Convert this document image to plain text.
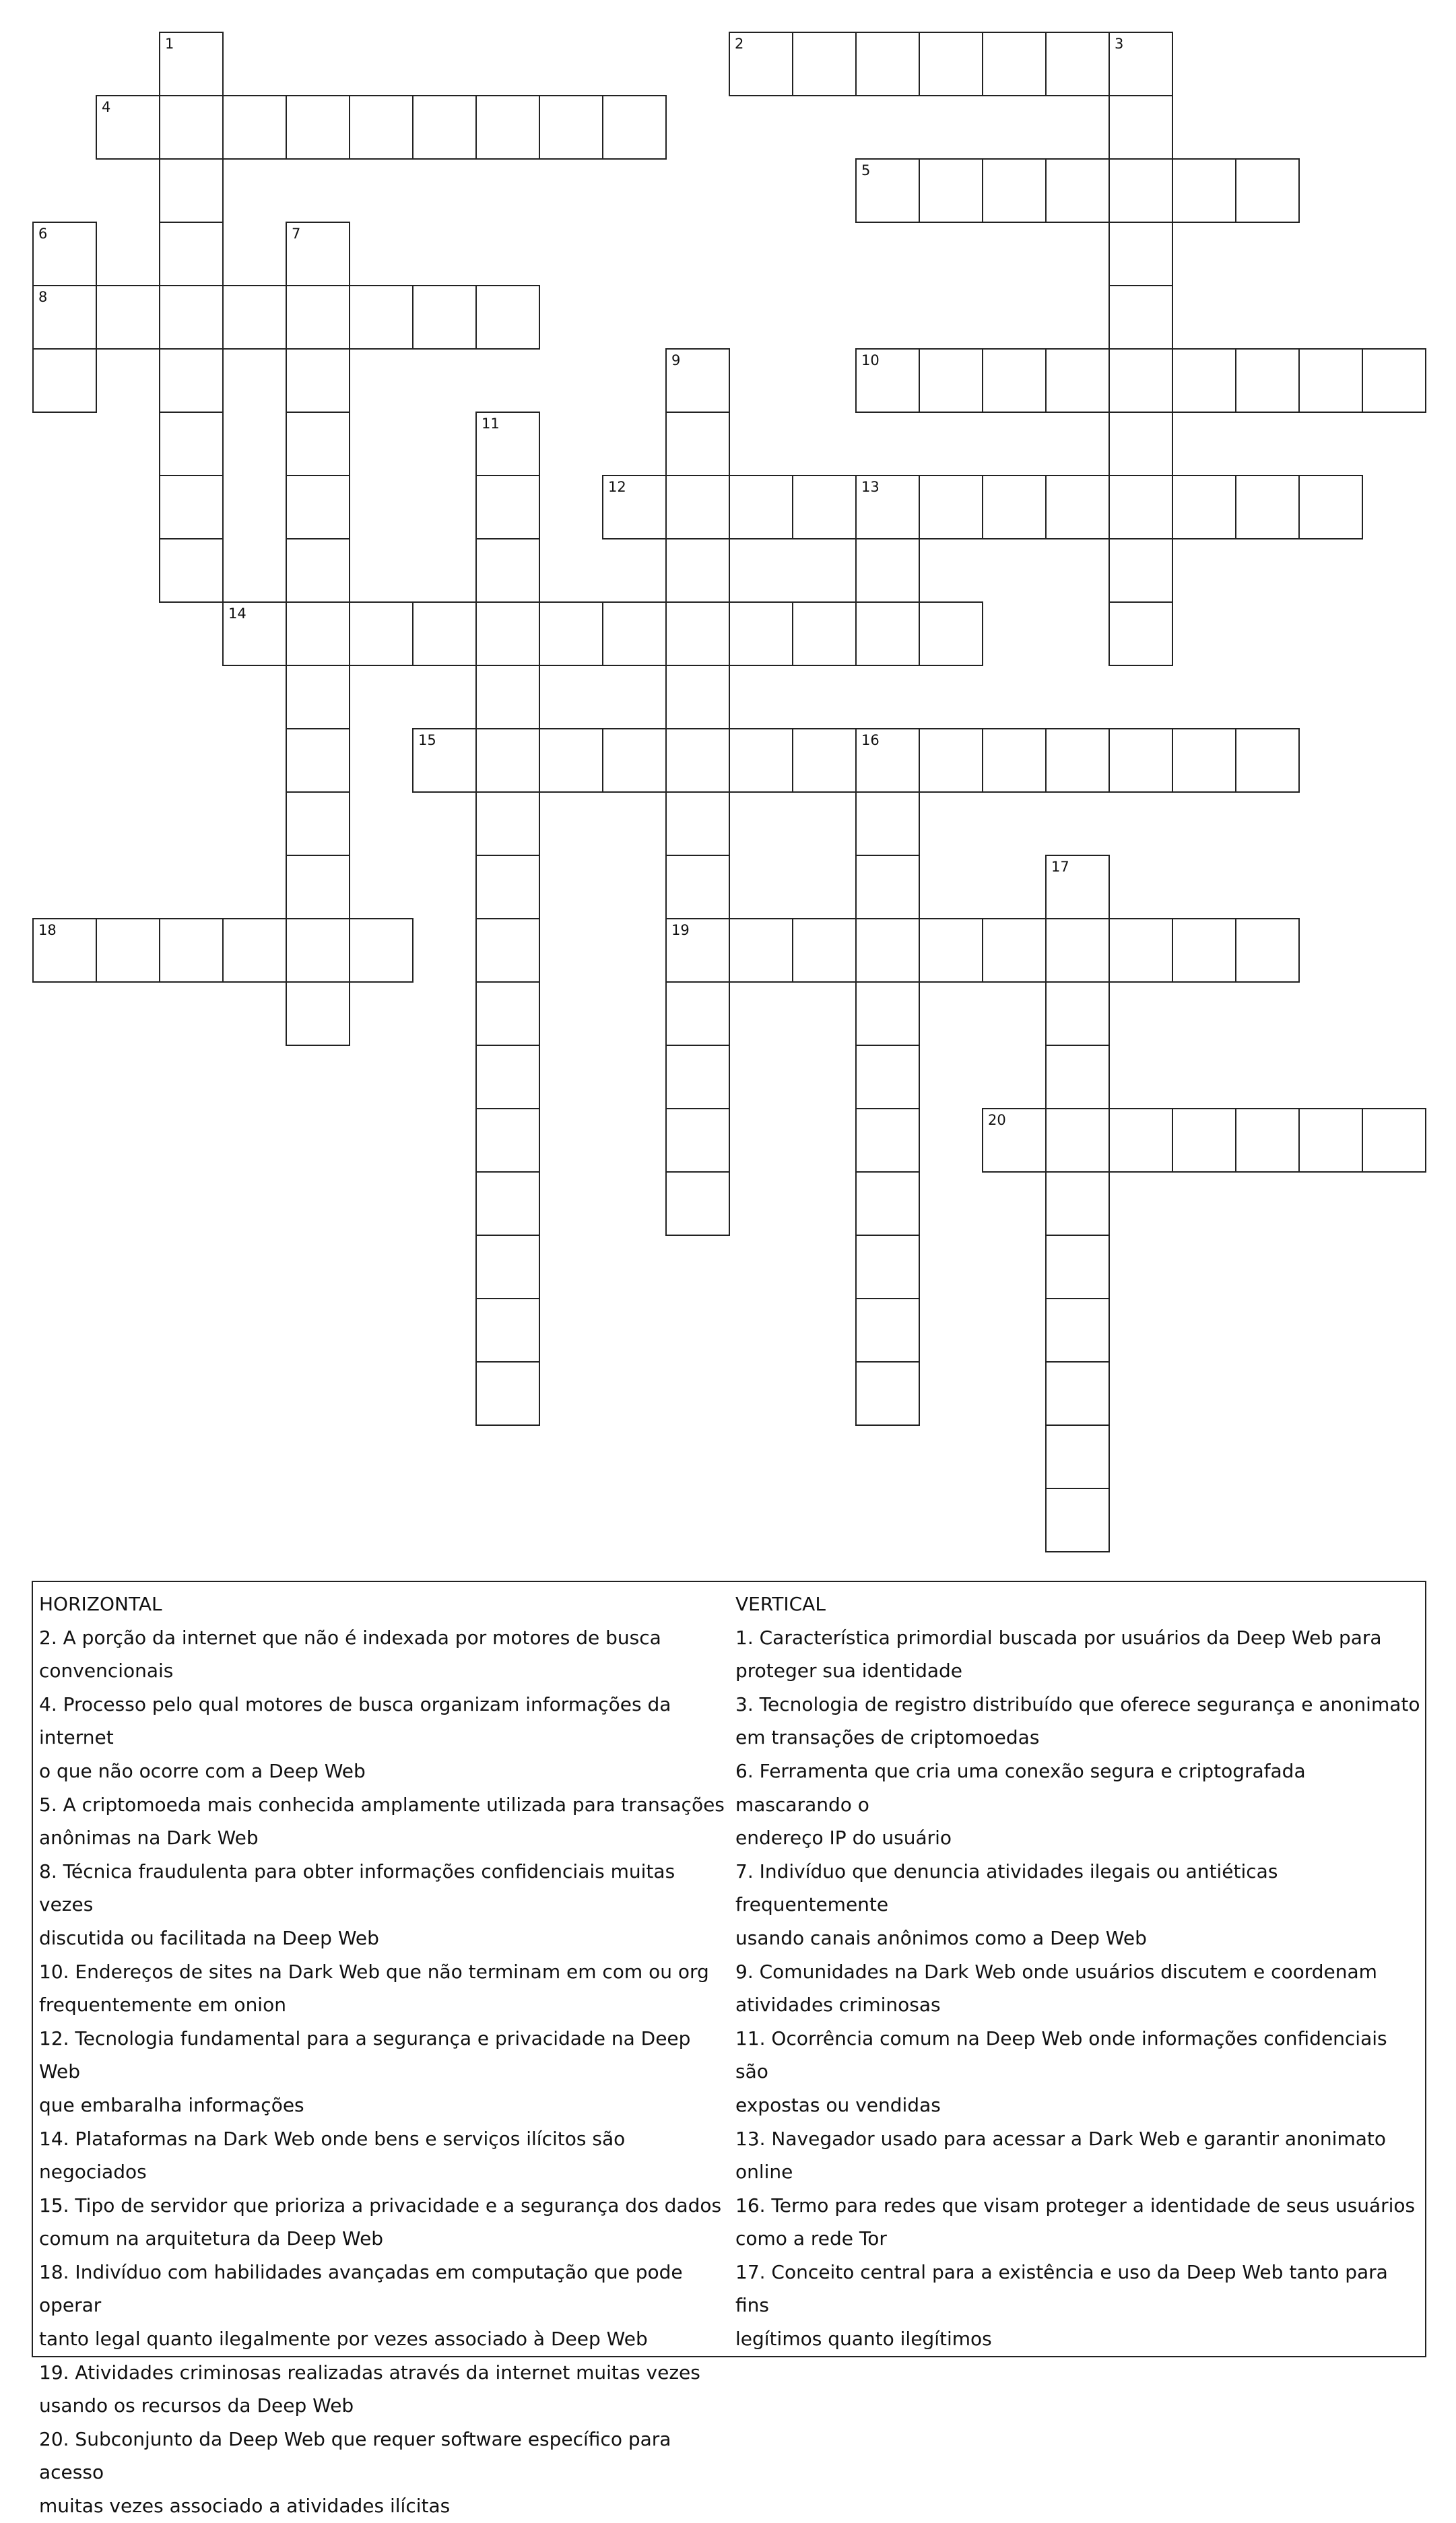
1	2	3
4
5
6
8
7
9
19
10
11
12	13
14
15	16
17
18
20
HORIZONTAL
2. A porção da internet que não é indexada por motores de busca
convencionais
4. Processo pelo qual motores de busca organizam informações da internet
o que não ocorre com a Deep Web
5. A criptomoeda mais conhecida amplamente utilizada para transações
anônimas na Dark Web
8. Técnica fraudulenta para obter informações confidenciais muitas vezes
discutida ou facilitada na Deep Web
10. Endereços de sites na Dark Web que não terminam em com ou org
frequentemente em onion
12. Tecnologia fundamental para a segurança e privacidade na Deep Web
que embaralha informações
14. Plataformas na Dark Web onde bens e serviços ilícitos são negociados
15. Tipo de servidor que prioriza a privacidade e a segurança dos dados
comum na arquitetura da Deep Web
18. Indivíduo com habilidades avançadas em computação que pode operar
tanto legal quanto ilegalmente por vezes associado à Deep Web
19. Atividades criminosas realizadas através da internet muitas vezes
usando os recursos da Deep Web
20. Subconjunto da Deep Web que requer software específico para acesso
muitas vezes associado a atividades ilícitas
VERTICAL
1. Característica primordial buscada por usuários da Deep Web para
proteger sua identidade
3. Tecnologia de registro distribuído que oferece segurança e anonimato
em transações de criptomoedas
6. Ferramenta que cria uma conexão segura e criptografada mascarando o
endereço IP do usuário
7. Indivíduo que denuncia atividades ilegais ou antiéticas frequentemente
usando canais anônimos como a Deep Web
9. Comunidades na Dark Web onde usuários discutem e coordenam
atividades criminosas
11. Ocorrência comum na Deep Web onde informações confidenciais são
expostas ou vendidas
13. Navegador usado para acessar a Dark Web e garantir anonimato online
16. Termo para redes que visam proteger a identidade de seus usuários
como a rede Tor
17. Conceito central para a existência e uso da Deep Web tanto para fins
legítimos quanto ilegítimos
